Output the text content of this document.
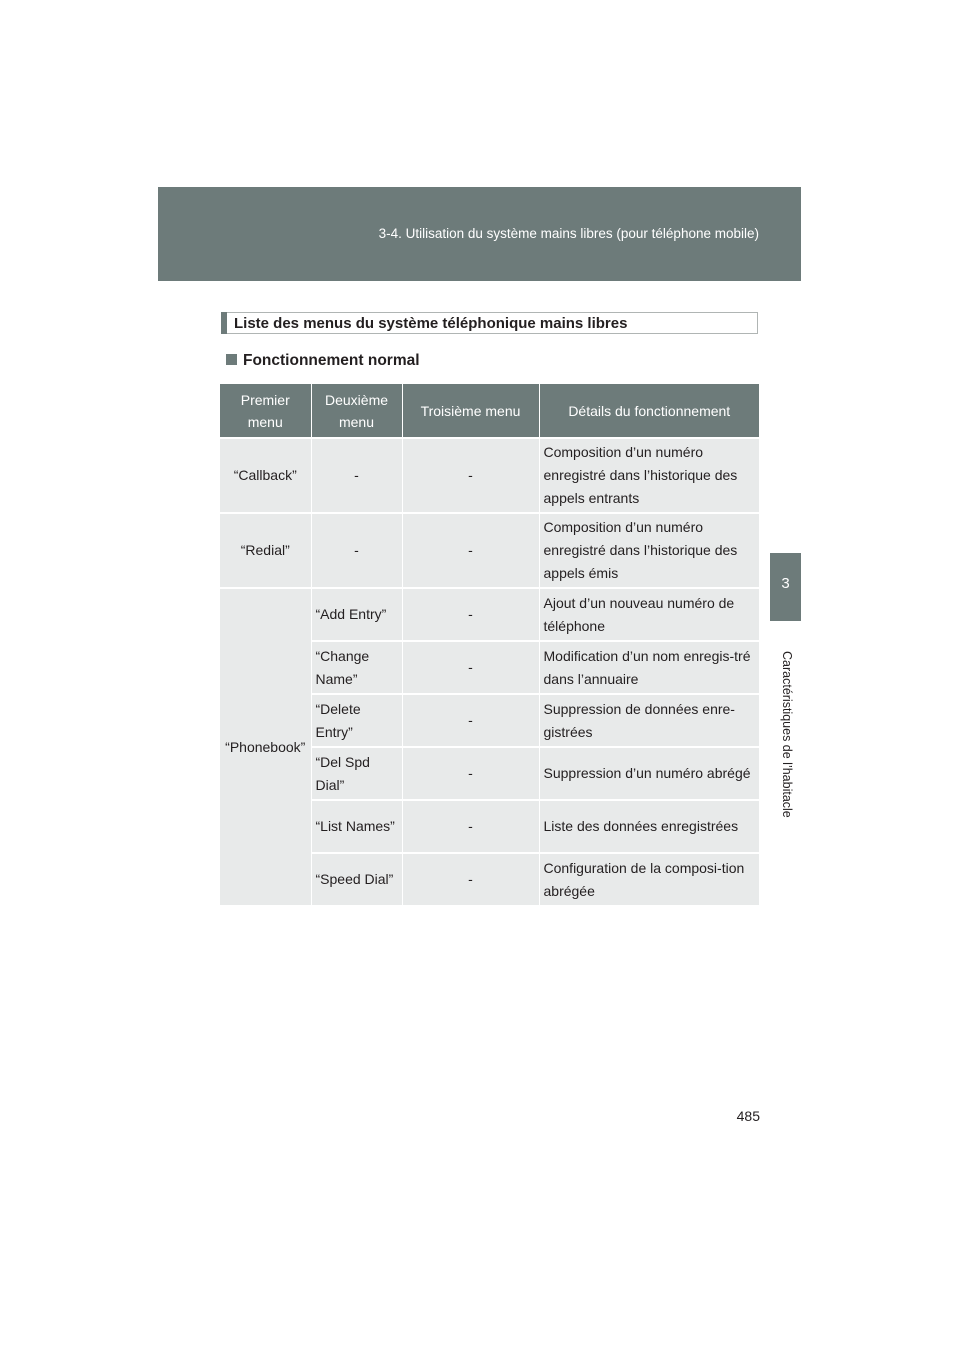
3-4. Utilisation du système mains libres (pour téléphone mobile)
3
Caractéristiques de l’habitacle
Liste des menus du système téléphonique mains libres
Fonctionnement normal
Premier menu	Deuxième menu	Troisième menu	Détails du fonctionnement
“Callback”	-	-	Composition d’un numéro enregistré dans l’historique des appels entrants
“Redial”	-	-	Composition d’un numéro enregistré dans l’historique des appels émis
“Phonebook”	“Add Entry”	-	Ajout d’un nouveau numéro de téléphone
	“Change Name”	-	Modification d’un nom enregis-tré dans l’annuaire
	“Delete Entry”	-	Suppression de données enre-gistrées
	“Del Spd Dial”	-	Suppression d’un numéro abrégé
	“List Names”	-	Liste des données enregistrées
	“Speed Dial”	-	Configuration de la composi-tion abrégée
485
